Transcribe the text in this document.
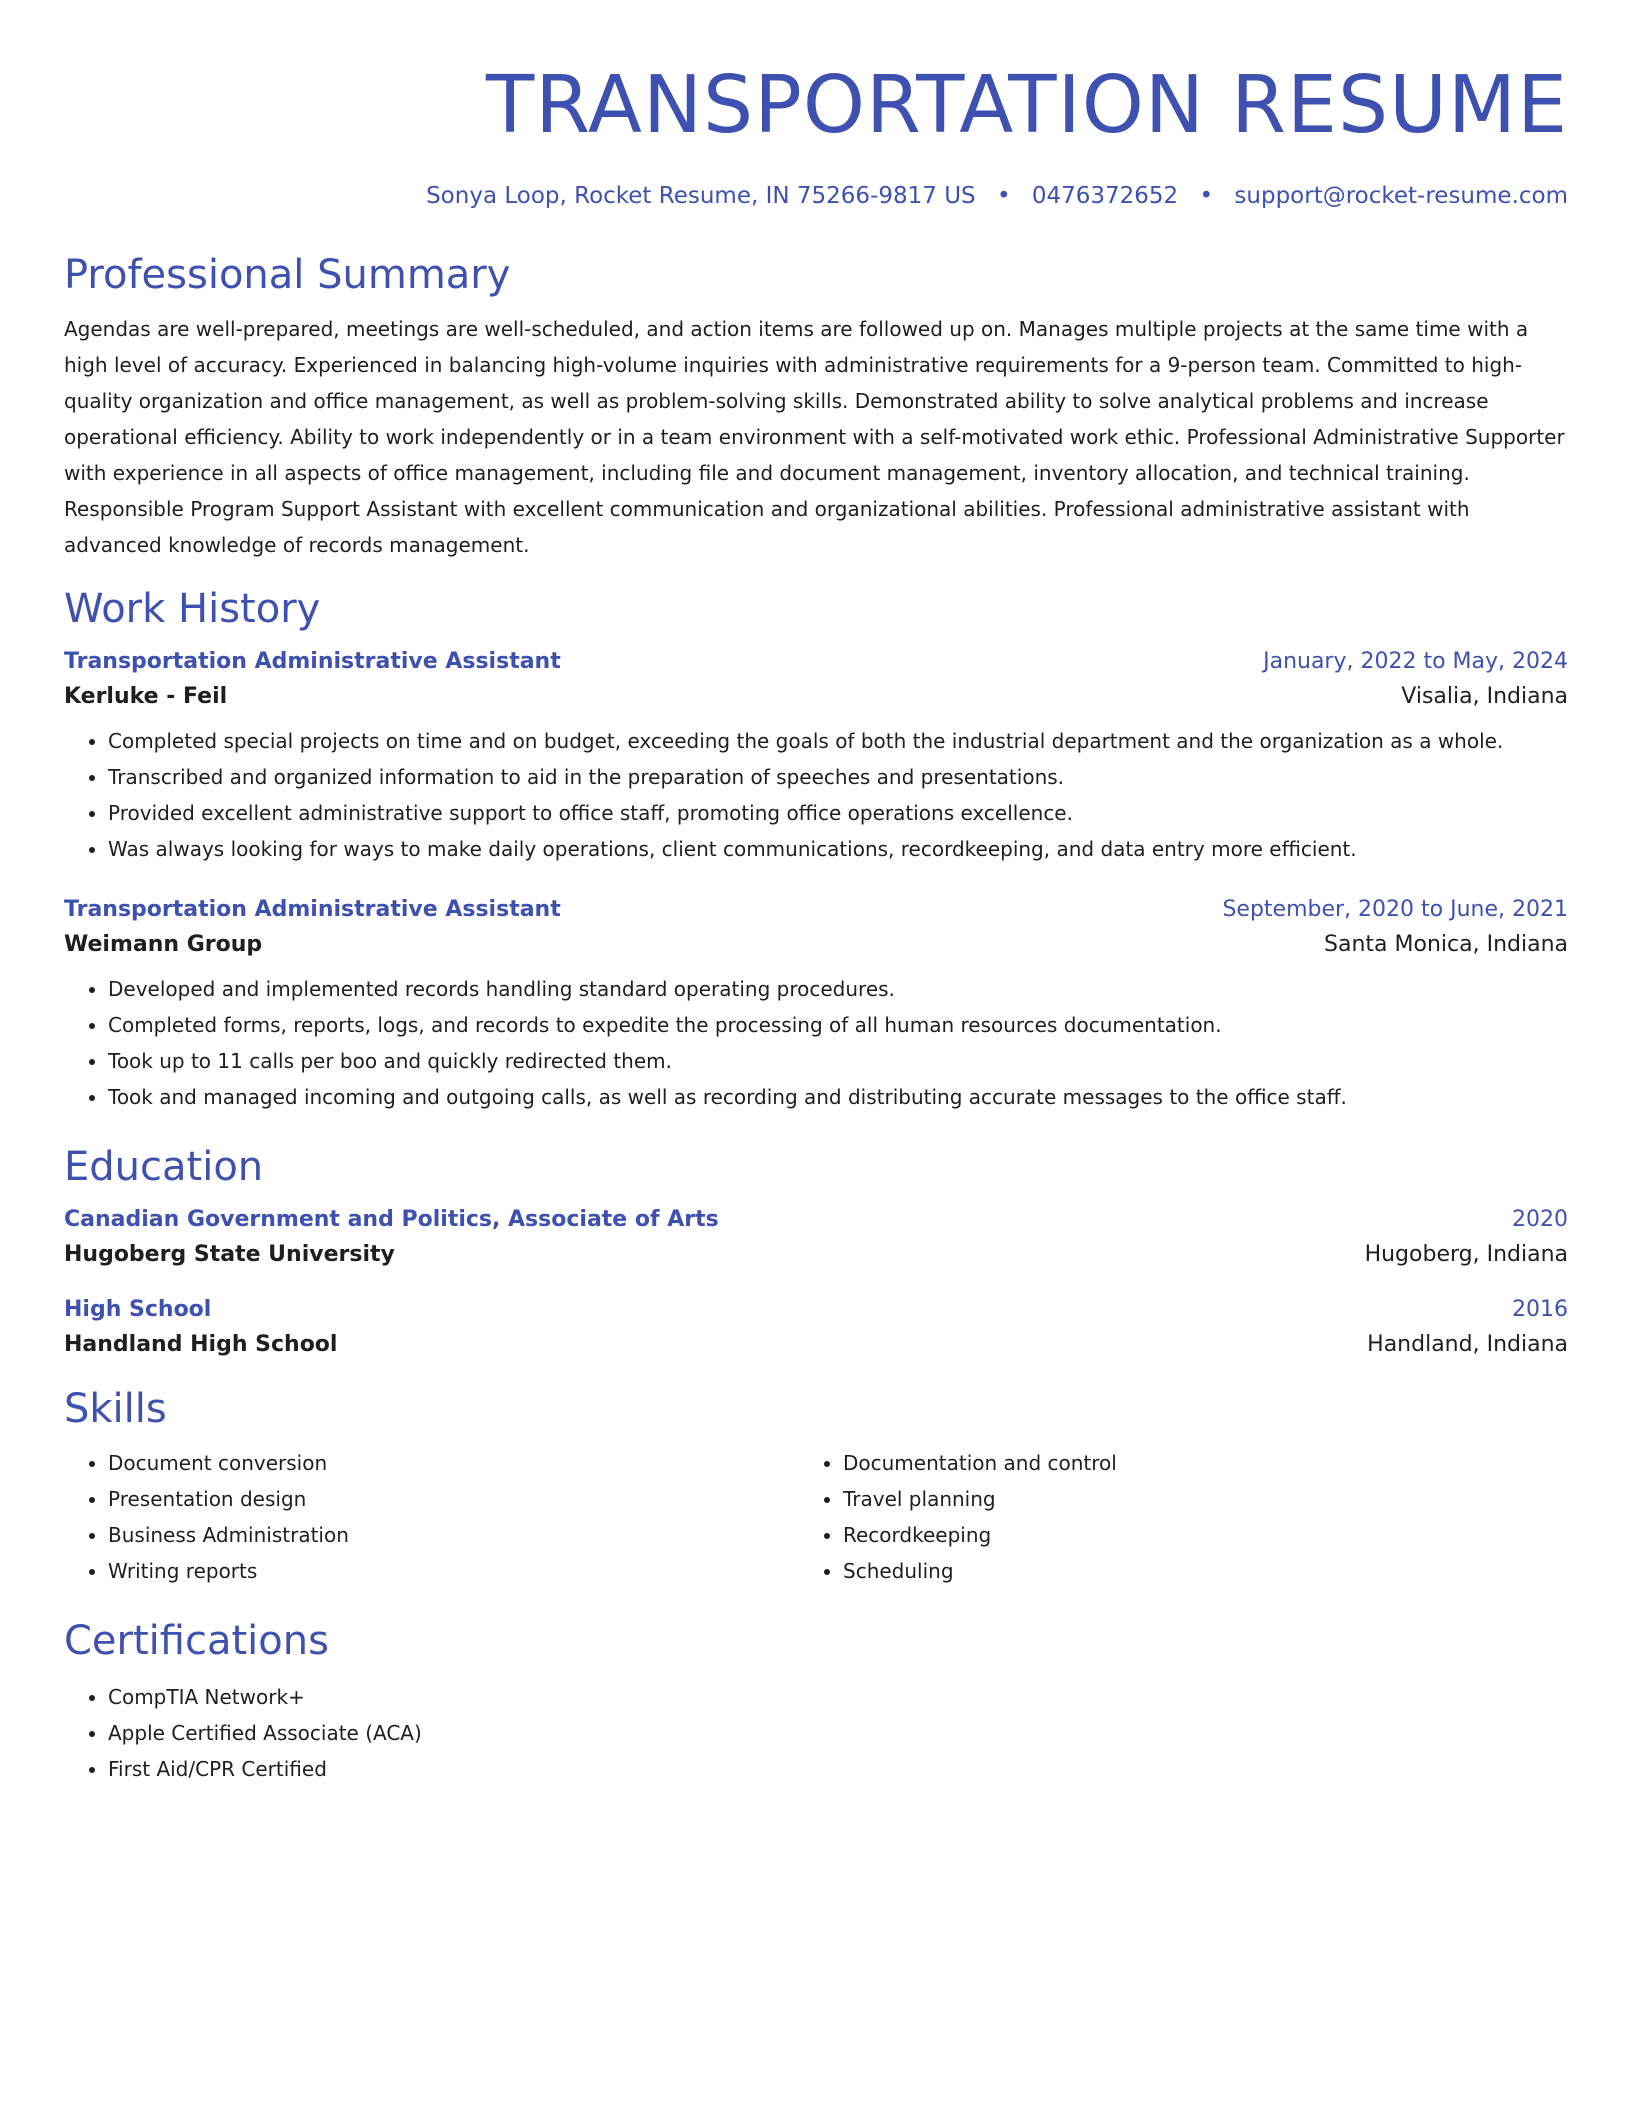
TRANSPORTATION RESUME
Sonya Loop, Rocket Resume, IN 75266-9817 US • 0476372652 • support@rocket-resume.com
Professional Summary
Agendas are well-prepared, meetings are well-scheduled, and action items are followed up on. Manages multiple projects at the same time with a high level of accuracy. Experienced in balancing high-volume inquiries with administrative requirements for a 9-person team. Committed to high-quality organization and office management, as well as problem-solving skills. Demonstrated ability to solve analytical problems and increase operational efficiency. Ability to work independently or in a team environment with a self-motivated work ethic. Professional Administrative Supporter with experience in all aspects of office management, including file and document management, inventory allocation, and technical training. Responsible Program Support Assistant with excellent communication and organizational abilities. Professional administrative assistant with advanced knowledge of records management.
Work History
Transportation Administrative Assistant	January, 2022 to May, 2024
Kerluke - Feil	Visalia, Indiana
• Completed special projects on time and on budget, exceeding the goals of both the industrial department and the organization as a whole.
• Transcribed and organized information to aid in the preparation of speeches and presentations.
• Provided excellent administrative support to office staff, promoting office operations excellence.
• Was always looking for ways to make daily operations, client communications, recordkeeping, and data entry more efficient.
Transportation Administrative Assistant	September, 2020 to June, 2021
Weimann Group	Santa Monica, Indiana
• Developed and implemented records handling standard operating procedures.
• Completed forms, reports, logs, and records to expedite the processing of all human resources documentation.
• Took up to 11 calls per boo and quickly redirected them.
• Took and managed incoming and outgoing calls, as well as recording and distributing accurate messages to the office staff.
Education
Canadian Government and Politics, Associate of Arts	2020
Hugoberg State University	Hugoberg, Indiana
High School	2016
Handland High School	Handland, Indiana
Skills
• Document conversion
• Presentation design
• Business Administration
• Writing reports
• Documentation and control
• Travel planning
• Recordkeeping
• Scheduling
Certifications
• CompTIA Network+
• Apple Certified Associate (ACA)
• First Aid/CPR Certified
